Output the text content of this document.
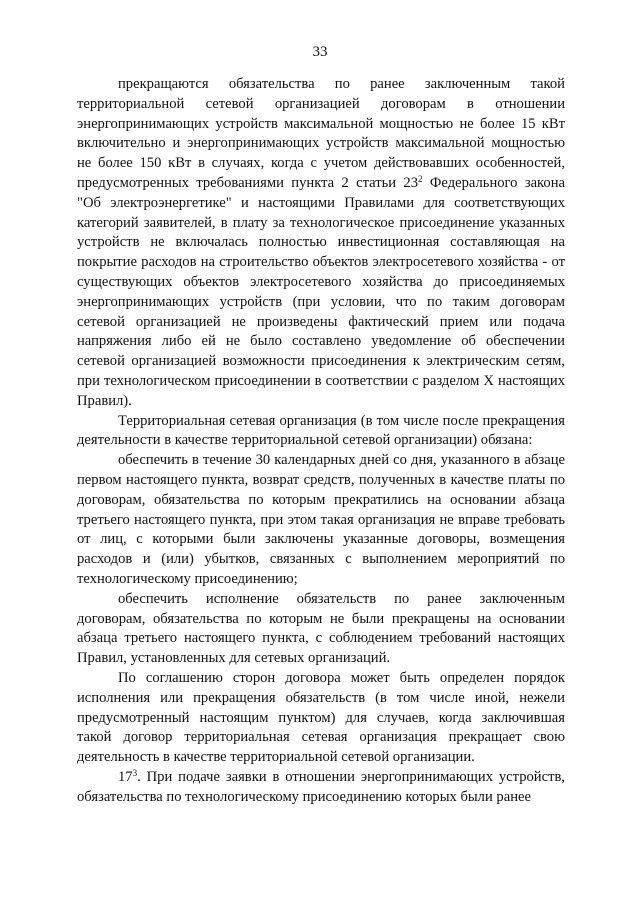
33

прекращаются обязательства по ранее заключенным такой территориальной сетевой организацией договорам в отношении энергопринимающих устройств максимальной мощностью не более 15 кВт включительно и энергопринимающих устройств максимальной мощностью не более 150 кВт в случаях, когда с учетом действовавших особенностей, предусмотренных требованиями пункта 2 статьи $23^2$ Федерального закона "Об электроэнергетике" и настоящими Правилами для соответствующих категорий заявителей, в плату за технологическое присоединение указанных устройств не включалась полностью инвестиционная составляющая на покрытие расходов на строительство объектов электросетевого хозяйства - от существующих объектов электросетевого хозяйства до присоединяемых энергопринимающих устройств (при условии, что по таким договорам сетевой организацией не произведены фактический прием или подача напряжения либо ей не было составлено уведомление об обеспечении сетевой организацией возможности присоединения к электрическим сетям, при технологическом присоединении в соответствии с разделом X настоящих Правил).

Территориальная сетевая организация (в том числе после прекращения деятельности в качестве территориальной сетевой организации) обязана:

обеспечить в течение 30 календарных дней со дня, указанного в абзаце первом настоящего пункта, возврат средств, полученных в качестве платы по договорам, обязательства по которым прекратились на основании абзаца третьего настоящего пункта, при этом такая организация не вправе требовать от лиц, с которыми были заключены указанные договоры, возмещения расходов и (или) убытков, связанных с выполнением мероприятий по технологическому присоединению;

обеспечить исполнение обязательств по ранее заключенным договорам, обязательства по которым не были прекращены на основании абзаца третьего настоящего пункта, с соблюдением требований настоящих Правил, установленных для сетевых организаций.

По соглашению сторон договора может быть определен порядок исполнения или прекращения обязательств (в том числе иной, нежели предусмотренный настоящим пунктом) для случаев, когда заключившая такой договор территориальная сетевая организация прекращает свою деятельность в качестве территориальной сетевой организации.

$17^3$. При подаче заявки в отношении энергопринимающих устройств, обязательства по технологическому присоединению которых были ранее
